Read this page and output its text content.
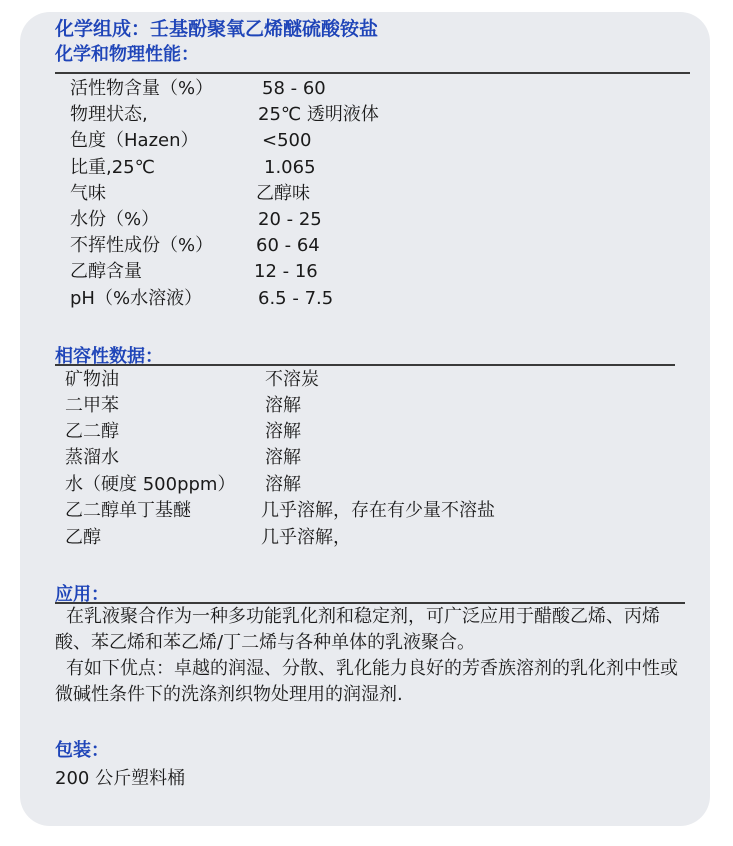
化学组成：壬基酚聚氧乙烯醚硫酸铵盐
化学和物理性能：
活性物含量（%）	58 - 60
物理状态,	25℃ 透明液体
色度（Hazen）	<500
比重,25℃	1.065
气味	乙醇味
水份（%）	20 - 25
不挥性成份（%） 60 - 64
乙醇含量	12 - 16
pH（%水溶液）	6.5 - 7.5
相容性数据：
矿物油	不溶炭
二甲苯	溶解
乙二醇	溶解
蒸溜水	溶解
水（硬度 500ppm） 溶解
乙二醇单丁基醚	几乎溶解，存在有少量不溶盐
乙醇	几乎溶解，
应用：
在乳液聚合作为一种多功能乳化剂和稳定剂，可广泛应用于醋酸乙烯、丙烯酸、苯乙烯和苯乙烯/丁二烯与各种单体的乳液聚合。
有如下优点：卓越的润湿、分散、乳化能力良好的芳香族溶剂的乳化剂中性或微碱性条件下的洗涤剂织物处理用的润湿剂.
包装：
200 公斤塑料桶
